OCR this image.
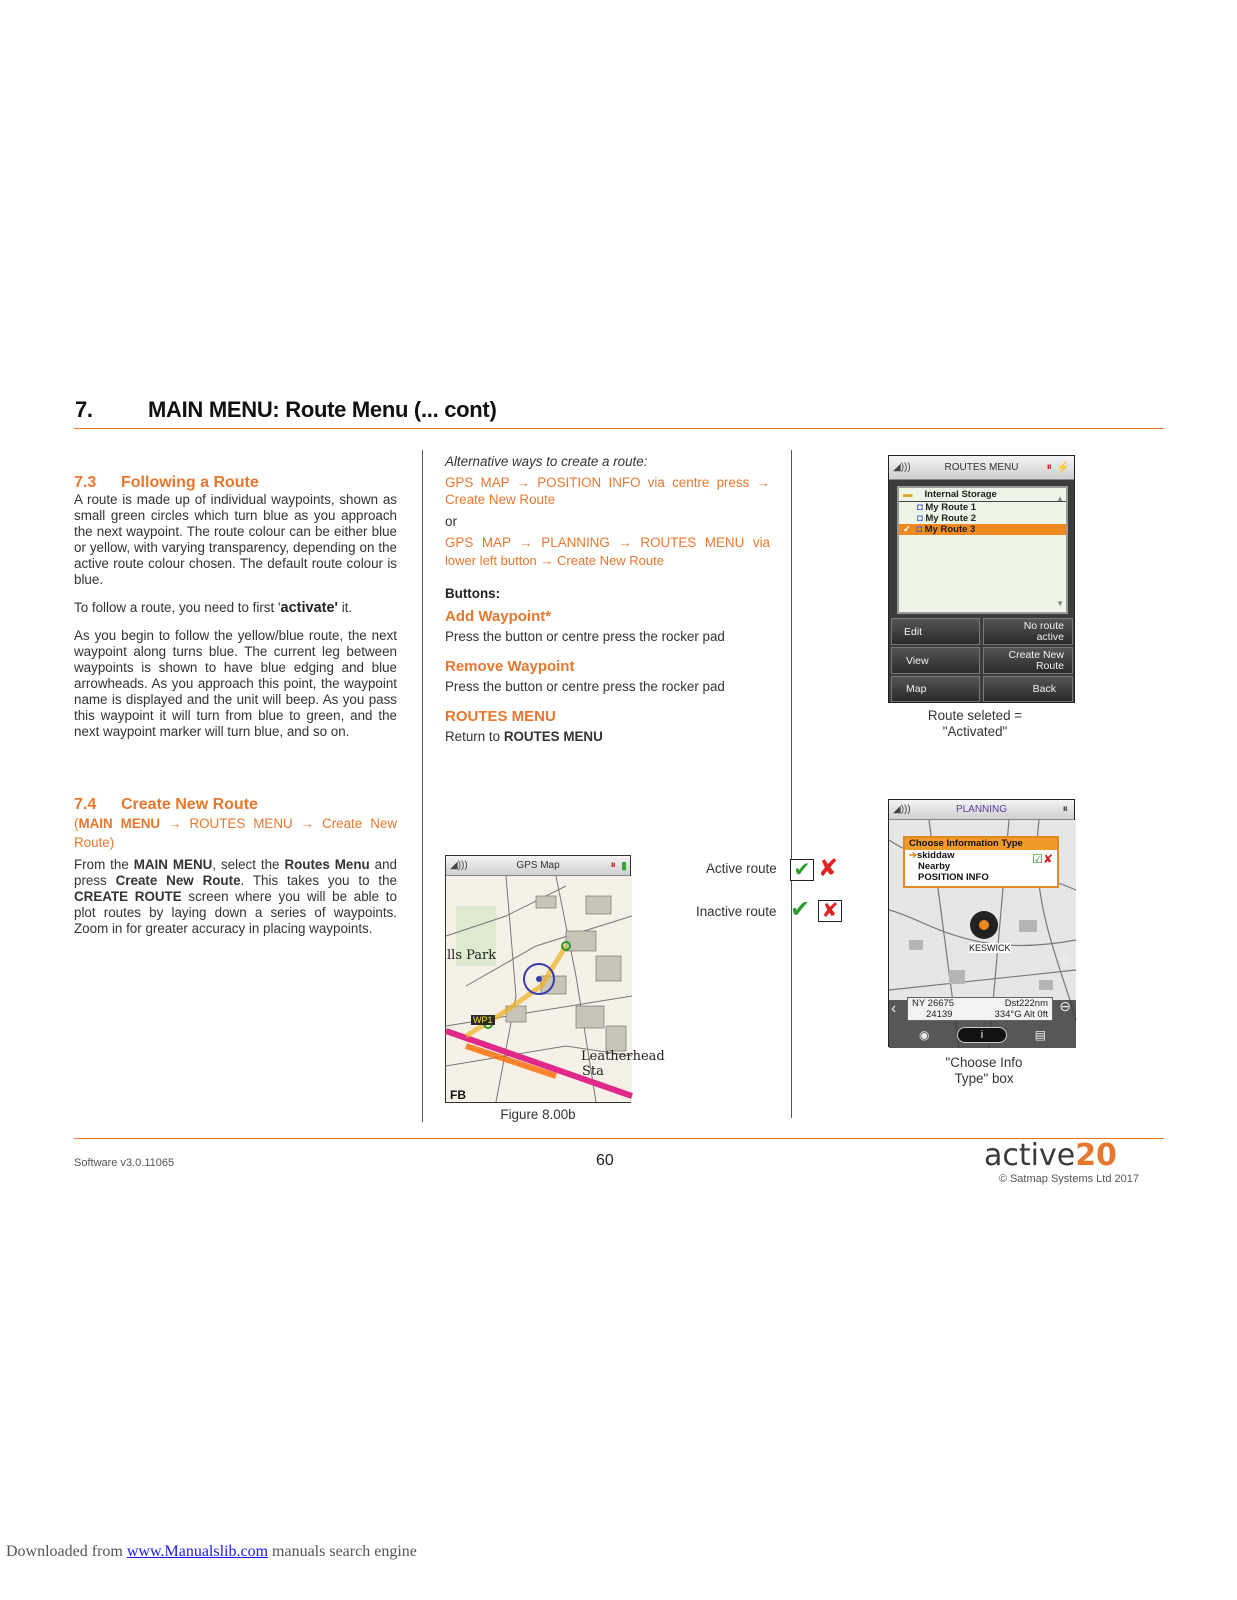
7.	MAIN MENU: Route Menu (... cont)
7.3 Following a Route
A route is made up of individual waypoints, shown as small green circles which turn blue as you approach the next waypoint. The route colour can be either blue or yellow, with varying transparency, depending on the active route colour chosen. The default route colour is blue.
To follow a route, you need to first 'activate' it.
As you begin to follow the yellow/blue route, the next waypoint along turns blue. The current leg between waypoints is shown to have blue edging and blue arrowheads. As you approach this point, the waypoint name is displayed and the unit will beep. As you pass this waypoint it will turn from blue to green, and the next waypoint marker will turn blue, and so on.
7.4 Create New Route
(MAIN MENU → ROUTES MENU → Create New Route)
From the MAIN MENU, select the Routes Menu and press Create New Route. This takes you to the CREATE ROUTE screen where you will be able to plot routes by laying down a series of waypoints. Zoom in for greater accuracy in placing waypoints.
Alternative ways to create a route:
GPS MAP → POSITION INFO via centre press → Create New Route
or
GPS MAP → PLANNING → ROUTES MENU via
lower left button → Create New Route
Buttons:
Add Waypoint*
Press the button or centre press the rocker pad
Remove Waypoint
Press the button or centre press the rocker pad
ROUTES MENU
Return to ROUTES MENU
◢)))	GPS Map	⏸ ▮
lls Park
WP1
Leatherhead
Sta
FB
Figure 8.00b
Active route ✔ ✘
Inactive route ✔ ✘
◢)))	ROUTES MENU	⏸ ⚡
▬ Internal Storage
◘ My Route 1
◘ My Route 2
✓ ◘ My Route 3
▲
▼
Edit	No route
active
View	Create New
Route
Map	Back
Route seleted =
"Activated"
◢)))	PLANNING	⏸
Choose Information Type
➔skiddaw
Nearby
POSITION INFO
☑✘
KESWICK
NY 26675	Dst222nm
24139	334°G Alt 0ft
‹
⊕
⊖
◉	i	▤
"Choose Info
Type" box
Software v3.0.11065	60	active20
© Satmap Systems Ltd 2017
Downloaded from www.Manualslib.com manuals search engine
